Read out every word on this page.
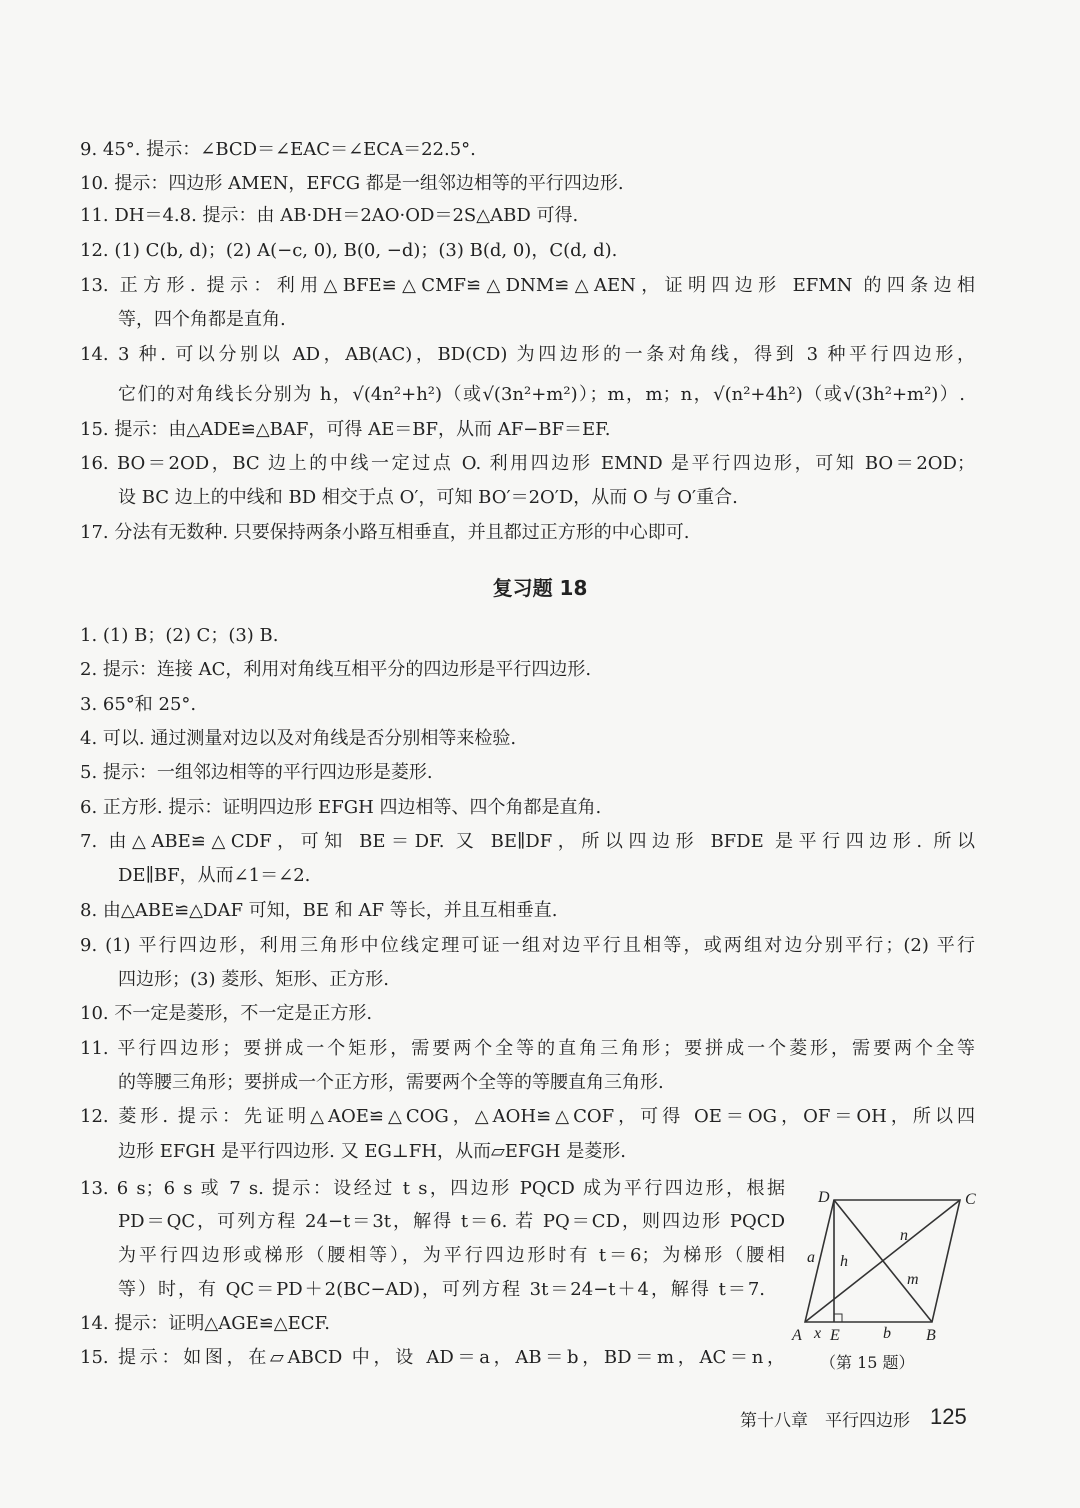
9. 45°. 提示：∠BCD＝∠EAC＝∠ECA＝22.5°.
10. 提示：四边形 AMEN，EFCG 都是一组邻边相等的平行四边形.
11. DH＝4.8. 提示：由 AB·DH＝2AO·OD＝2S△ABD 可得.
12. (1) C(b, d)；(2) A(−c, 0), B(0, −d)；(3) B(d, 0)，C(d, d).
13. 正方形. 提示：利用△BFE≌△CMF≌△DNM≌△AEN，证明四边形 EFMN 的四条边相
等，四个角都是直角.
14. 3 种. 可以分别以 AD，AB(AC)，BD(CD) 为四边形的一条对角线，得到 3 种平行四边形，
它们的对角线长分别为 h，√(4n²+h²)（或√(3n²+m²)）；m，m；n，√(n²+4h²)（或√(3h²+m²)）.
15. 提示：由△ADE≌△BAF，可得 AE＝BF，从而 AF−BF＝EF.
16. BO＝2OD，BC 边上的中线一定过点 O. 利用四边形 EMND 是平行四边形，可知 BO＝2OD；
设 BC 边上的中线和 BD 相交于点 O′，可知 BO′＝2O′D，从而 O 与 O′重合.
17. 分法有无数种. 只要保持两条小路互相垂直，并且都过正方形的中心即可.
1. (1) B；(2) C；(3) B.
2. 提示：连接 AC，利用对角线互相平分的四边形是平行四边形.
3. 65°和 25°.
4. 可以. 通过测量对边以及对角线是否分别相等来检验.
5. 提示：一组邻边相等的平行四边形是菱形.
6. 正方形. 提示：证明四边形 EFGH 四边相等、四个角都是直角.
7. 由△ABE≌△CDF，可知 BE＝DF. 又 BE∥DF，所以四边形 BFDE 是平行四边形. 所以
DE∥BF，从而∠1＝∠2.
8. 由△ABE≌△DAF 可知，BE 和 AF 等长，并且互相垂直.
9. (1) 平行四边形，利用三角形中位线定理可证一组对边平行且相等，或两组对边分别平行；(2) 平行
四边形；(3) 菱形、矩形、正方形.
10. 不一定是菱形，不一定是正方形.
11. 平行四边形；要拼成一个矩形，需要两个全等的直角三角形；要拼成一个菱形，需要两个全等
的等腰三角形；要拼成一个正方形，需要两个全等的等腰直角三角形.
12. 菱形. 提示：先证明△AOE≌△COG，△AOH≌△COF，可得 OE＝OG，OF＝OH，所以四
边形 EFGH 是平行四边形. 又 EG⊥FH，从而▱EFGH 是菱形.
13. 6 s；6 s 或 7 s. 提示：设经过 t s，四边形 PQCD 成为平行四边形，根据
PD＝QC，可列方程 24−t＝3t，解得 t＝6. 若 PQ＝CD，则四边形 PQCD
为平行四边形或梯形（腰相等），为平行四边形时有 t＝6；为梯形（腰相
等）时，有 QC＝PD＋2(BC−AD)，可列方程 3t＝24−t＋4，解得 t＝7.
14. 提示：证明△AGE≌△ECF.
15. 提示：如图，在▱ABCD 中，设 AD＝a，AB＝b，BD＝m，AC＝n，
复习题 18
D	C
A x E	b B
a h
n
m
（第 15 题）
第十八章　平行四边形 125
